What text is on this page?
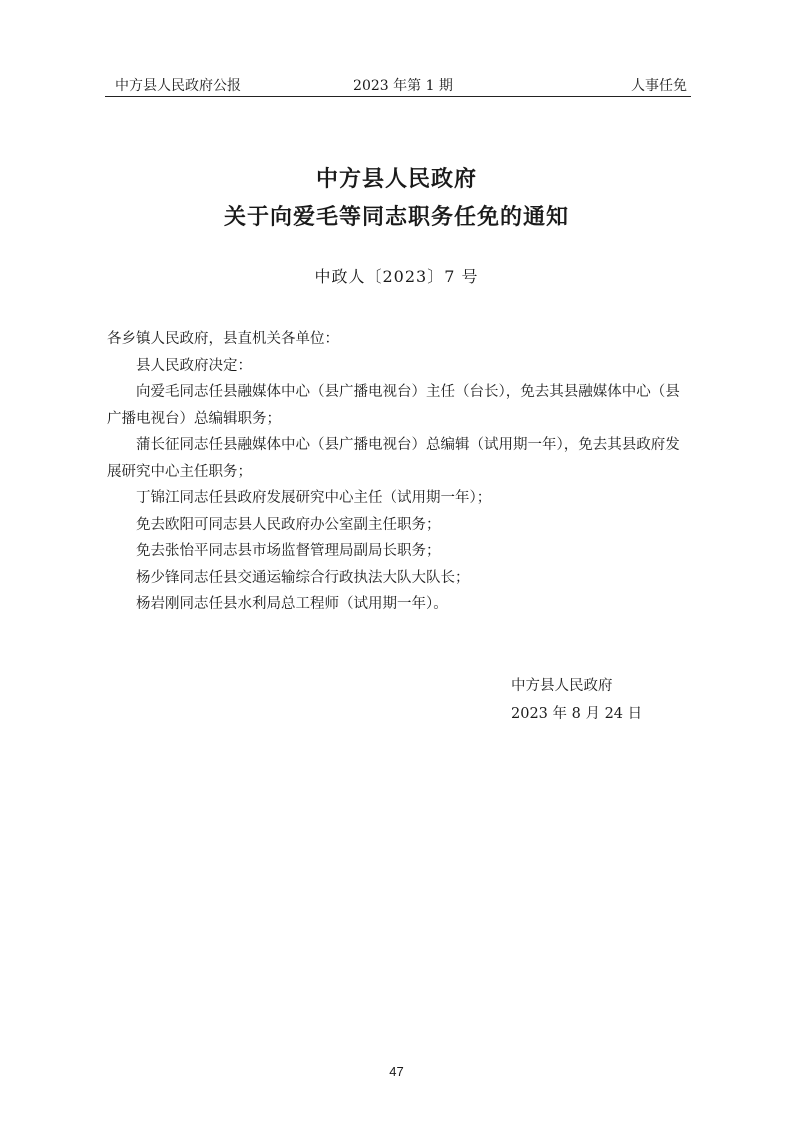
中方县人民政府公报	2023 年第 1 期	人事任免
中方县人民政府
关于向爱毛等同志职务任免的通知
中政人〔2023〕7 号

各乡镇人民政府，县直机关各单位：

县人民政府决定：

向爱毛同志任县融媒体中心（县广播电视台）主任（台长），免去其县融媒体中心（县广播电视台）总编辑职务；

蒲长征同志任县融媒体中心（县广播电视台）总编辑（试用期一年），免去其县政府发展研究中心主任职务；

丁锦江同志任县政府发展研究中心主任（试用期一年）；

免去欧阳可同志县人民政府办公室副主任职务；

免去张怡平同志县市场监督管理局副局长职务；

杨少锋同志任县交通运输综合行政执法大队大队长；

杨岩刚同志任县水利局总工程师（试用期一年）。

中方县人民政府
2023 年 8 月 24 日
47
